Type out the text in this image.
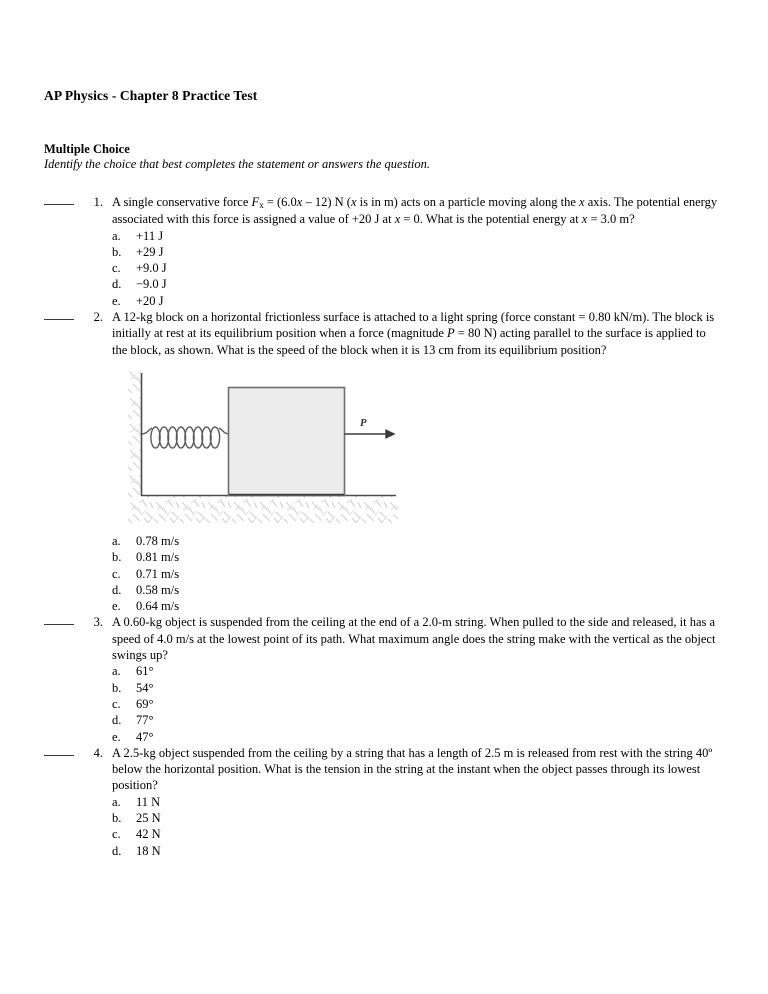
AP Physics - Chapter 8 Practice Test
Multiple Choice
Identify the choice that best completes the statement or answers the question.
1. A single conservative force $F_x = (6.0x - 12)$ N (x is in m) acts on a particle moving along the x axis. The potential energy associated with this force is assigned a value of +20 J at x = 0. What is the potential energy at x = 3.0 m?

a.	+11 J
b.	+29 J
c.	+9.0 J
d.	−9.0 J
e.	+20 J
2. A 12-kg block on a horizontal frictionless surface is attached to a light spring (force constant = 0.80 kN/m). The block is initially at rest at its equilibrium position when a force (magnitude P = 80 N) acting parallel to the surface is applied to the block, as shown. What is the speed of the block when it is 13 cm from its equilibrium position?

P
a.	0.78 m/s
b.	0.81 m/s
c.	0.71 m/s
d.	0.58 m/s
e.	0.64 m/s
3. A 0.60-kg object is suspended from the ceiling at the end of a 2.0-m string. When pulled to the side and released, it has a speed of 4.0 m/s at the lowest point of its path. What maximum angle does the string make with the vertical as the object swings up?

a.	61°
b.	54°
c.	69°
d.	77°
e.	47°
4. A 2.5-kg object suspended from the ceiling by a string that has a length of 2.5 m is released from rest with the string 40º below the horizontal position. What is the tension in the string at the instant when the object passes through its lowest position?

a.	11 N
b.	25 N
c.	42 N
d.	18 N
